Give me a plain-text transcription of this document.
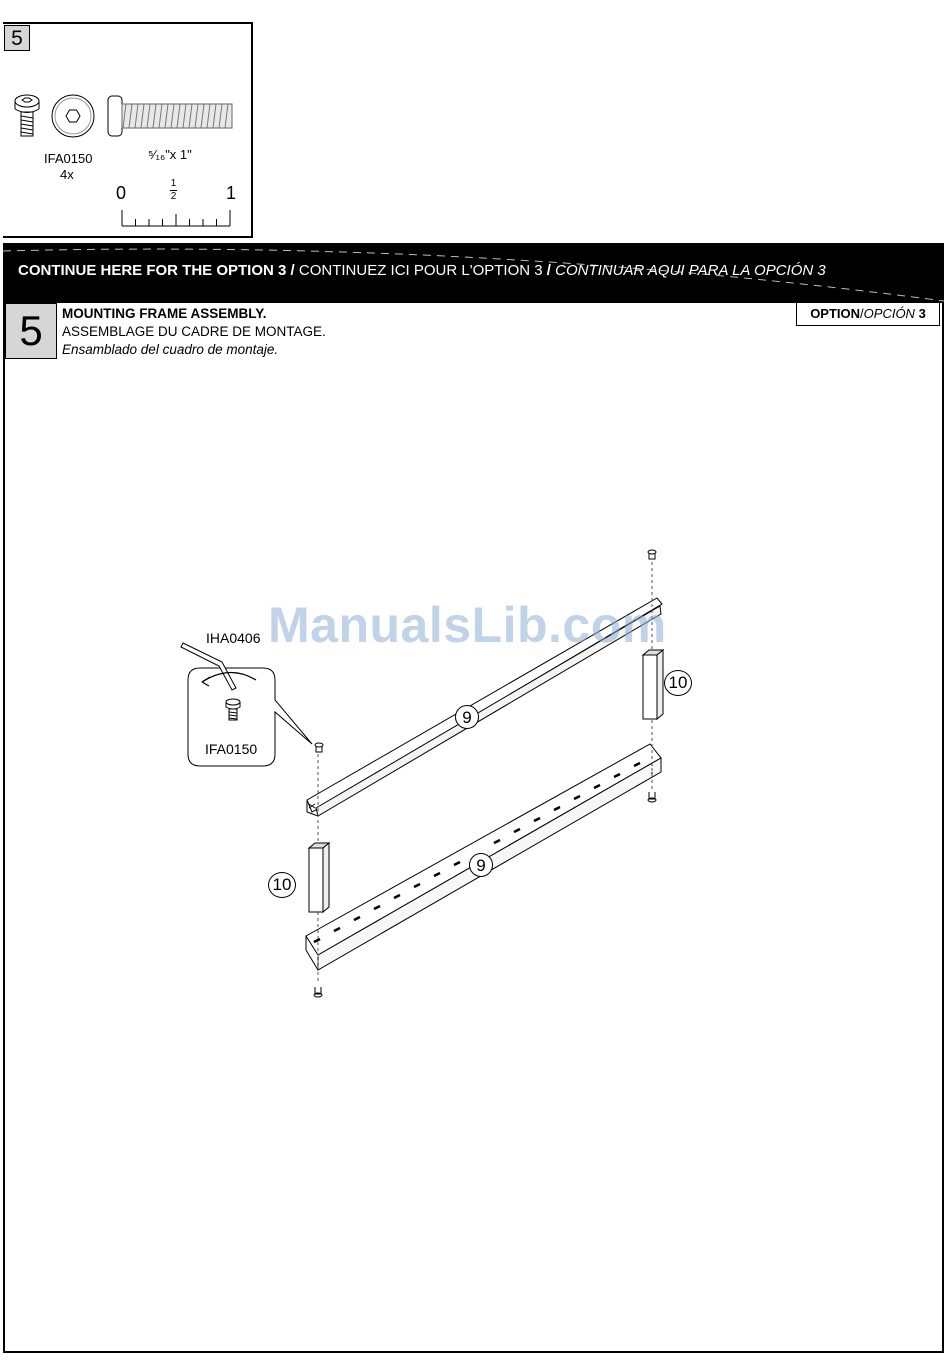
5
IFA0150
4x
⁵⁄₁₆"x 1"
0	1
2	1
CONTINUE HERE FOR THE OPTION 3 / CONTINUEZ ICI POUR L'OPTION 3 / CONTINUAR AQUI PARA LA OPCIÓN 3
5	MOUNTING FRAME ASSEMBLY.
ASSEMBLAGE DU CADRE DE MONTAGE.
Ensamblado del cuadro de montaje.
OPTION/OPCIÓN 3
ManualsLib.com
IHA0406
IFA0150
9
9
10
10
